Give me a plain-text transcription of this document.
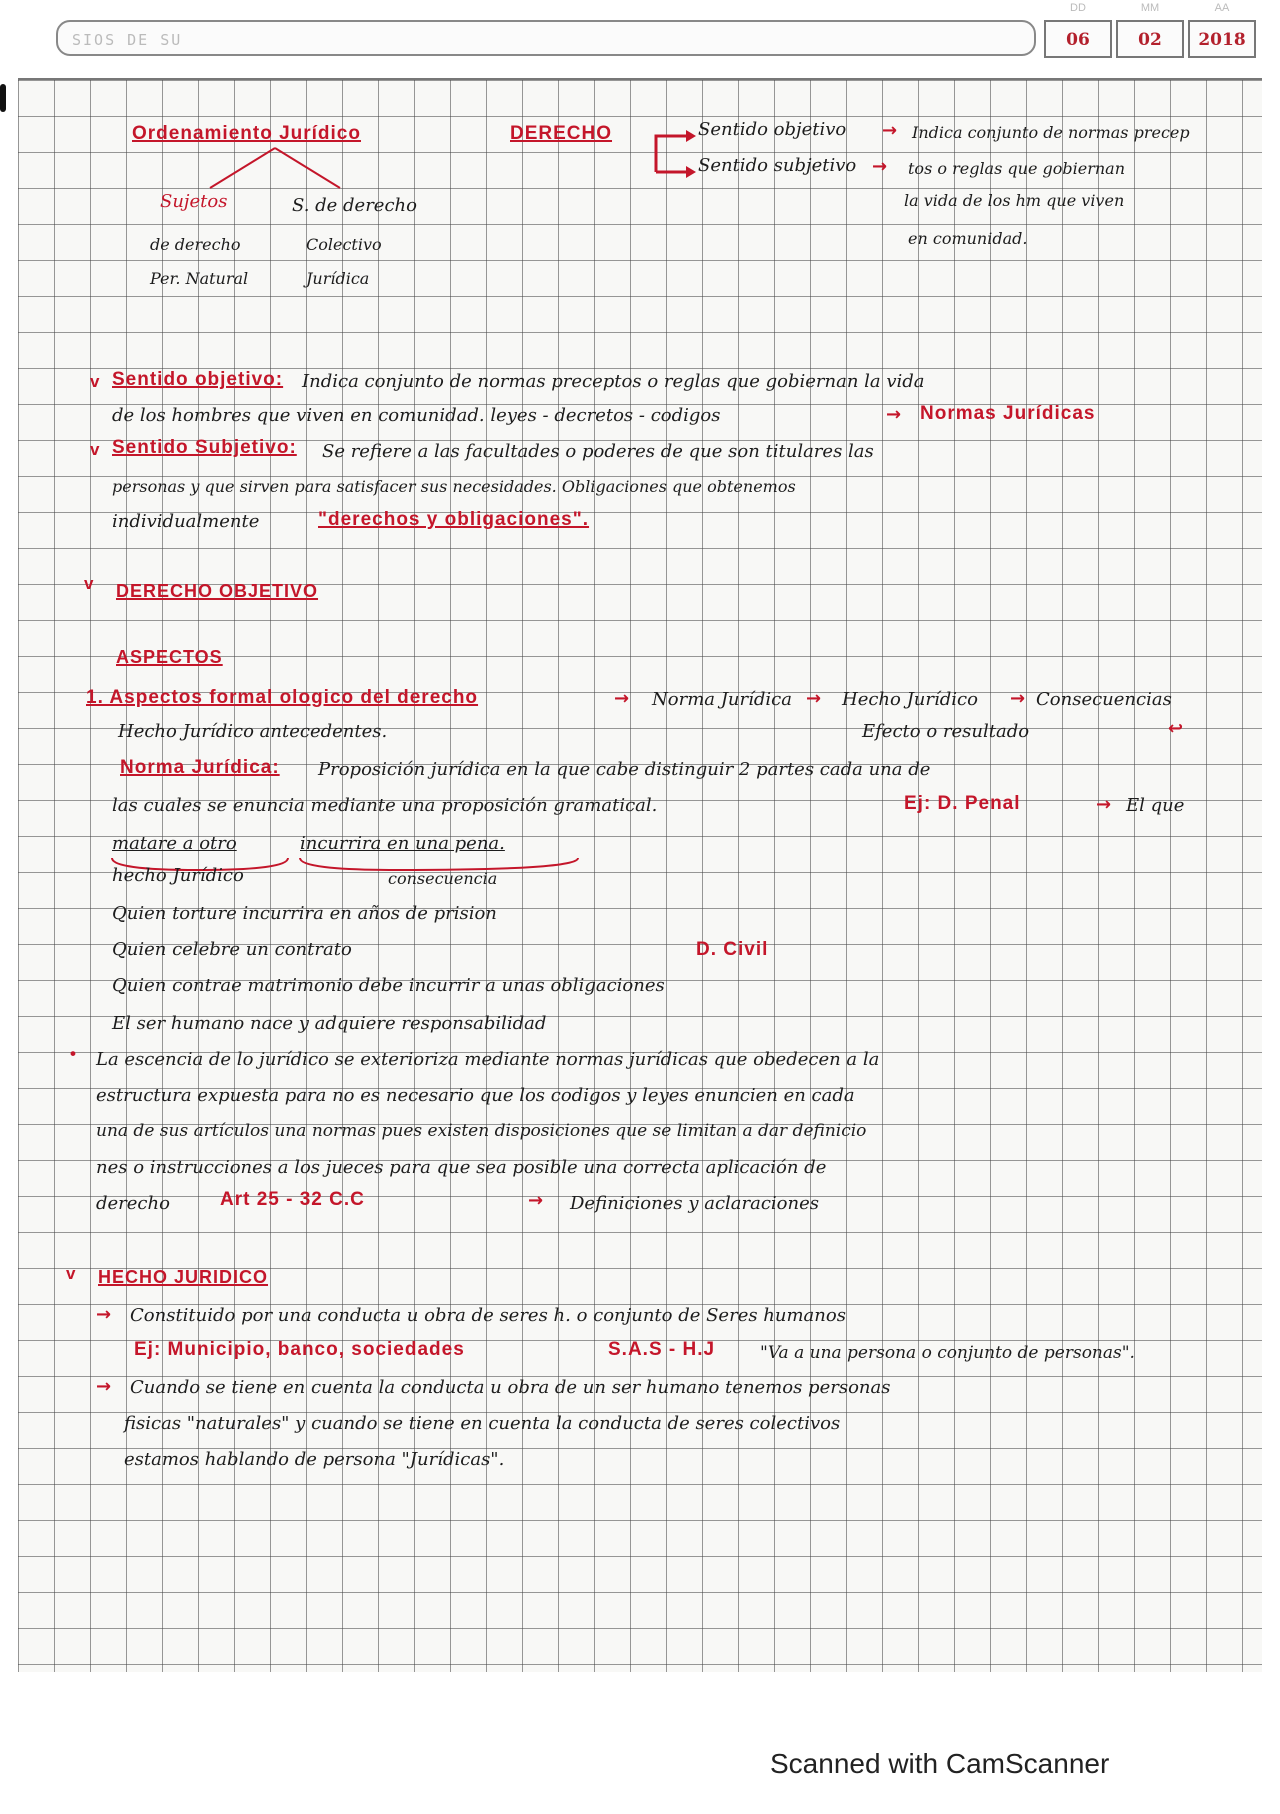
SIOS DE SU
DD	MM	AA
06	02	2018
Ordenamiento Jurídico
Sujetos	S. de derecho
de derecho
Per. Natural
Colectivo
Jurídica
DERECHO	Sentido objetivo → Indica conjunto de normas precep
Sentido subjetivo → tos o reglas que gobiernan
la vida de los hm que viven
en comunidad.
v Sentido objetivo: Indica conjunto de normas preceptos o reglas que gobiernan la vida
de los hombres que viven en comunidad. leyes - decretos - codigos	→ Normas Jurídicas
v Sentido Subjetivo: Se refiere a las facultades o poderes de que son titulares las
personas y que sirven para satisfacer sus necesidades. Obligaciones que obtenemos
individualmente	"derechos y obligaciones".
v DERECHO OBJETIVO
ASPECTOS
1. Aspectos formal ologico del derecho	→ Norma Jurídica → Hecho Jurídico → Consecuencias
Hecho Jurídico antecedentes.	Efecto o resultado	↩
Norma Jurídica: Proposición jurídica en la que cabe distinguir 2 partes cada una de
las cuales se enuncia mediante una proposición gramatical.	Ej: D. Penal	→ El que
matare a otro	incurrira en una pena.
hecho Jurídico	consecuencia
Quien torture incurrira en años de prision
Quien celebre un contrato	D. Civil
Quien contrae matrimonio debe incurrir a unas obligaciones
El ser humano nace y adquiere responsabilidad
• La escencia de lo jurídico se exterioriza mediante normas jurídicas que obedecen a la
estructura expuesta para no es necesario que los codigos y leyes enuncien en cada
una de sus artículos una normas pues existen disposiciones que se limitan a dar definicio
nes o instrucciones a los jueces para que sea posible una correcta aplicación de
derecho	Art 25 - 32 C.C	→ Definiciones y aclaraciones
v HECHO JURIDICO
→ Constituido por una conducta u obra de seres h. o conjunto de Seres humanos
Ej: Municipio, banco, sociedades	S.A.S - H.J	"Va a una persona o conjunto de personas".
→ Cuando se tiene en cuenta la conducta u obra de un ser humano tenemos personas
fisicas "naturales" y cuando se tiene en cuenta la conducta de seres colectivos
estamos hablando de persona "Jurídicas".
Scanned with CamScanner
